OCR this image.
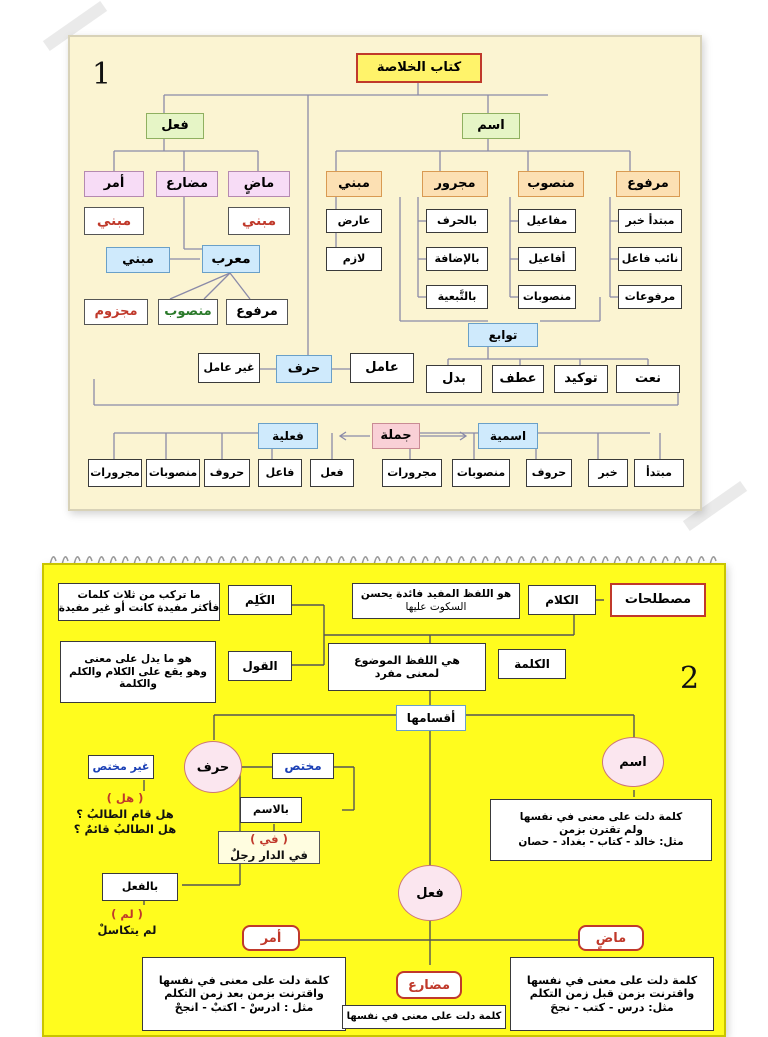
1	كتاب الخلاصة
اسم
فعل
مرفوع
منصوب
مجرور
مبني
مبتدأ خبر
نائب فاعل
مرفوعات
مفاعيل
أفاعيل
منصوبات
بالحرف
بالإضافة
بالتَّبعية
عارض
لازم
توابع
نعت
توكيد
عطف
بدل
ماضٍ
مضارع
أمر
مبني
مبني
معرب
مبني
مرفوع
منصوب
مجزوم
عامل
حرف
غير عامل
جملة	اسمية
فعلية
مبتدأ
خبر
حروف
منصوبات
مجرورات
فعل
فاعل
حروف
منصوبات
مجرورات
2
مصطلحات
الكلام
هو اللفظ المفيد فائدة يحسن
السكوت عليها
الكَلِم
ما تركب من ثلاث كلمات
فأكثر مفيدة كانت أو غير مفيدة
الكلمة
هي اللفظ الموضوع
لمعنى مفرد
القول
هو ما يدل على معنى
وهو يقع على الكلام والكلم
والكلمة
أقسامها
اسم
كلمة دلت على معنى في نفسها
ولم تقترن بزمن
مثل: خالد - كتاب - بغداد - حصان
حرف	مختص
غير مختص
( هل )
هل قام الطالبُ ؟
هل الطالبُ قائمٌ ؟
بالاسم
( في )
في الدار رجلٌ
بالفعل
( لم )
لم يتكاسلْ
فعل
ماضٍ
كلمة دلت على معنى في نفسها
واقترنت بزمن قبل زمن التكلم
مثل: درس - كتب - نجحَ
أمر
كلمة دلت على معنى في نفسها
واقترنت بزمن بعد زمن التكلم
مثل : ادرسْ - اكتبْ - انجحْ
مضارع
كلمة دلت على معنى في نفسها
